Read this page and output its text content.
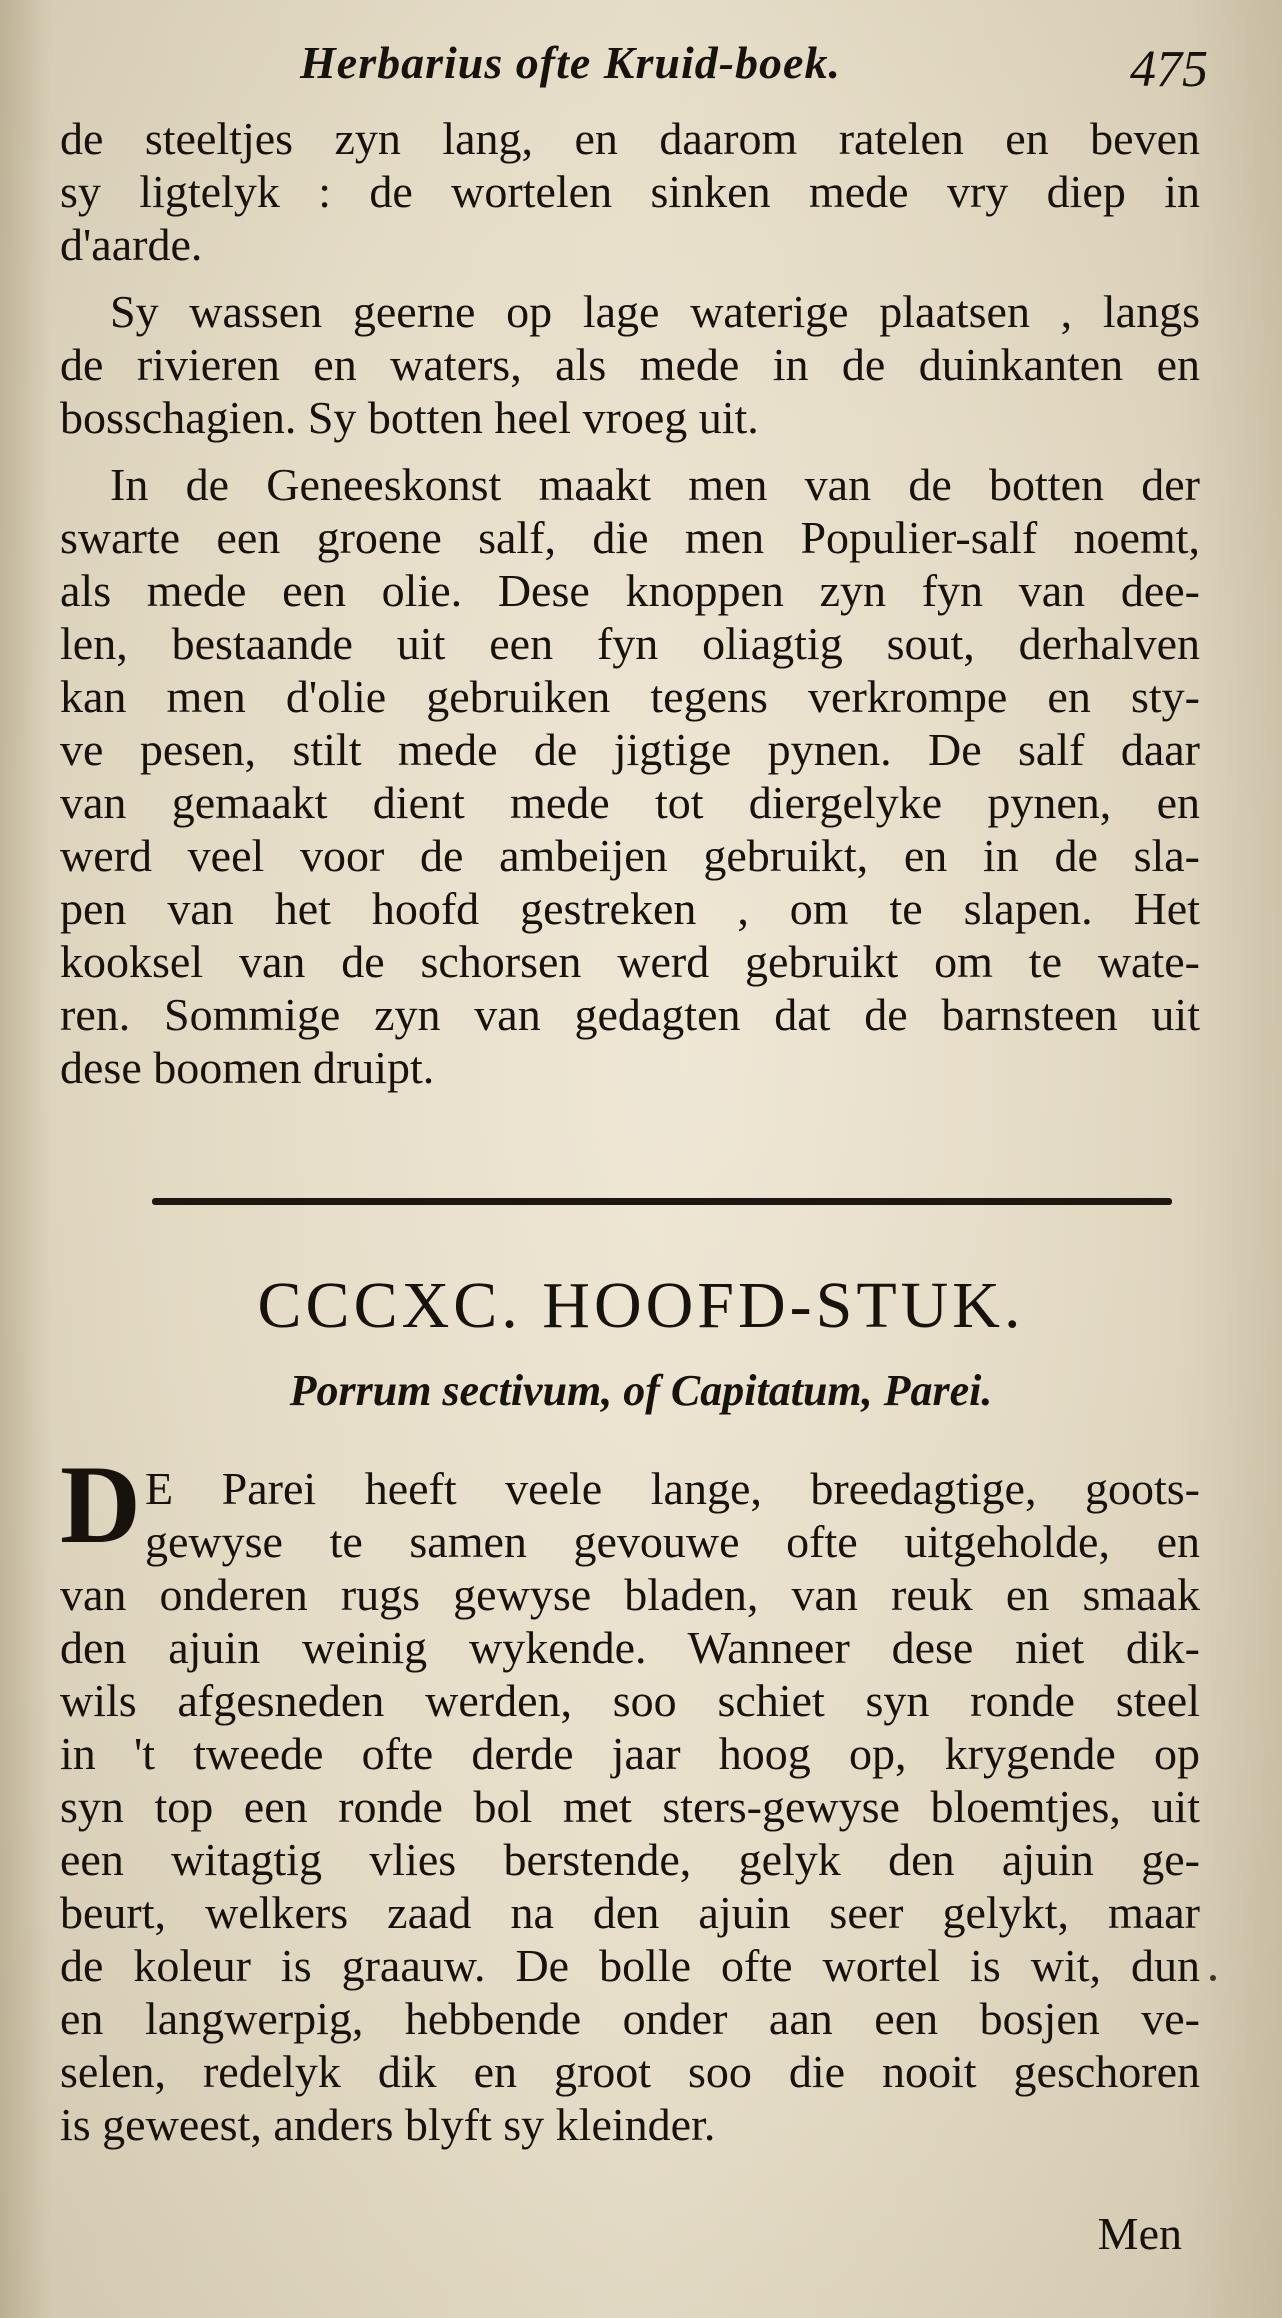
Herbarius ofte Kruid-boek.	475
de steeltjes zyn lang, en daarom ratelen en beven
sy ligtelyk : de wortelen sinken mede vry diep in
d'aarde.
Sy wassen geerne op lage waterige plaatsen , langs
de rivieren en waters, als mede in de duinkanten en
bosschagien. Sy botten heel vroeg uit.
In de Geneeskonst maakt men van de botten der
swarte een groene salf, die men Populier-salf noemt,
als mede een olie. Dese knoppen zyn fyn van dee-
len, bestaande uit een fyn oliagtig sout, derhalven
kan men d'olie gebruiken tegens verkrompe en sty-
ve pesen, stilt mede de jigtige pynen. De salf daar
van gemaakt dient mede tot diergelyke pynen, en
werd veel voor de ambeijen gebruikt, en in de sla-
pen van het hoofd gestreken , om te slapen. Het
kooksel van de schorsen werd gebruikt om te wate-
ren. Sommige zyn van gedagten dat de barnsteen uit
dese boomen druipt.
CCCXC. HOOFD-STUK.
Porrum sectivum, of Capitatum, Parei.
D E Parei heeft veele lange, breedagtige, goots-
gewyse te samen gevouwe ofte uitgeholde, en
van onderen rugs gewyse bladen, van reuk en smaak
den ajuin weinig wykende. Wanneer dese niet dik-
wils afgesneden werden, soo schiet syn ronde steel
in 't tweede ofte derde jaar hoog op, krygende op
syn top een ronde bol met sters-gewyse bloemtjes, uit
een witagtig vlies berstende, gelyk den ajuin ge-
beurt, welkers zaad na den ajuin seer gelykt, maar
de koleur is graauw. De bolle ofte wortel is wit, dun
en langwerpig, hebbende onder aan een bosjen ve-
selen, redelyk dik en groot soo die nooit geschoren
is geweest, anders blyft sy kleinder.
Men
